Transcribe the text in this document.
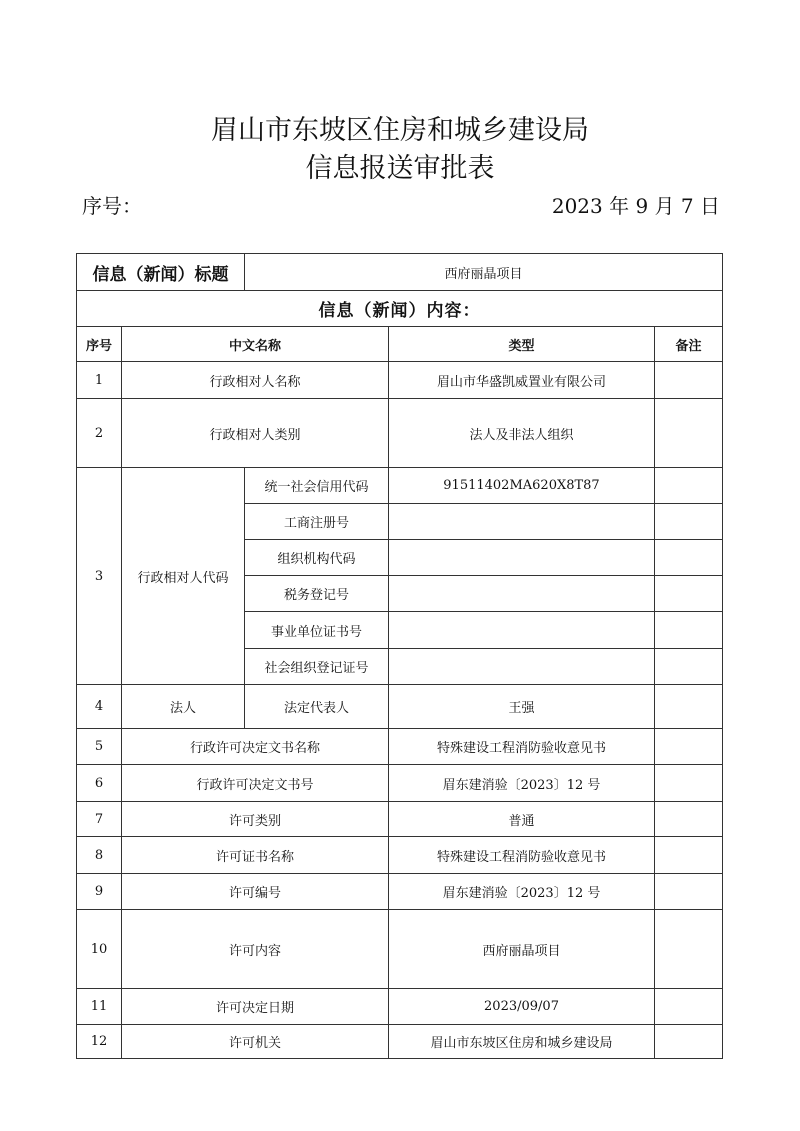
眉山市东坡区住房和城乡建设局
信息报送审批表
序号：	2023 年 9 月 7 日
信息（新闻）标题		西府丽晶项目		
信息（新闻）内容：				
序号	中文名称		类型	备注
1	行政相对人名称		眉山市华盛凯威置业有限公司	
2	行政相对人类别		法人及非法人组织	
3	行政相对人代码	统一社会信用代码	91511402MA620X8T87	
		工商注册号		
		组织机构代码		
		税务登记号		
		事业单位证书号		
		社会组织登记证号		
4	法人	法定代表人	王强	
5	行政许可决定文书名称		特殊建设工程消防验收意见书	
6	行政许可决定文书号		眉东建消验〔2023〕12 号	
7	许可类别		普通	
8	许可证书名称		特殊建设工程消防验收意见书	
9	许可编号		眉东建消验〔2023〕12 号	
10	许可内容		西府丽晶项目	
11	许可决定日期		2023/09/07	
12	许可机关		眉山市东坡区住房和城乡建设局	
